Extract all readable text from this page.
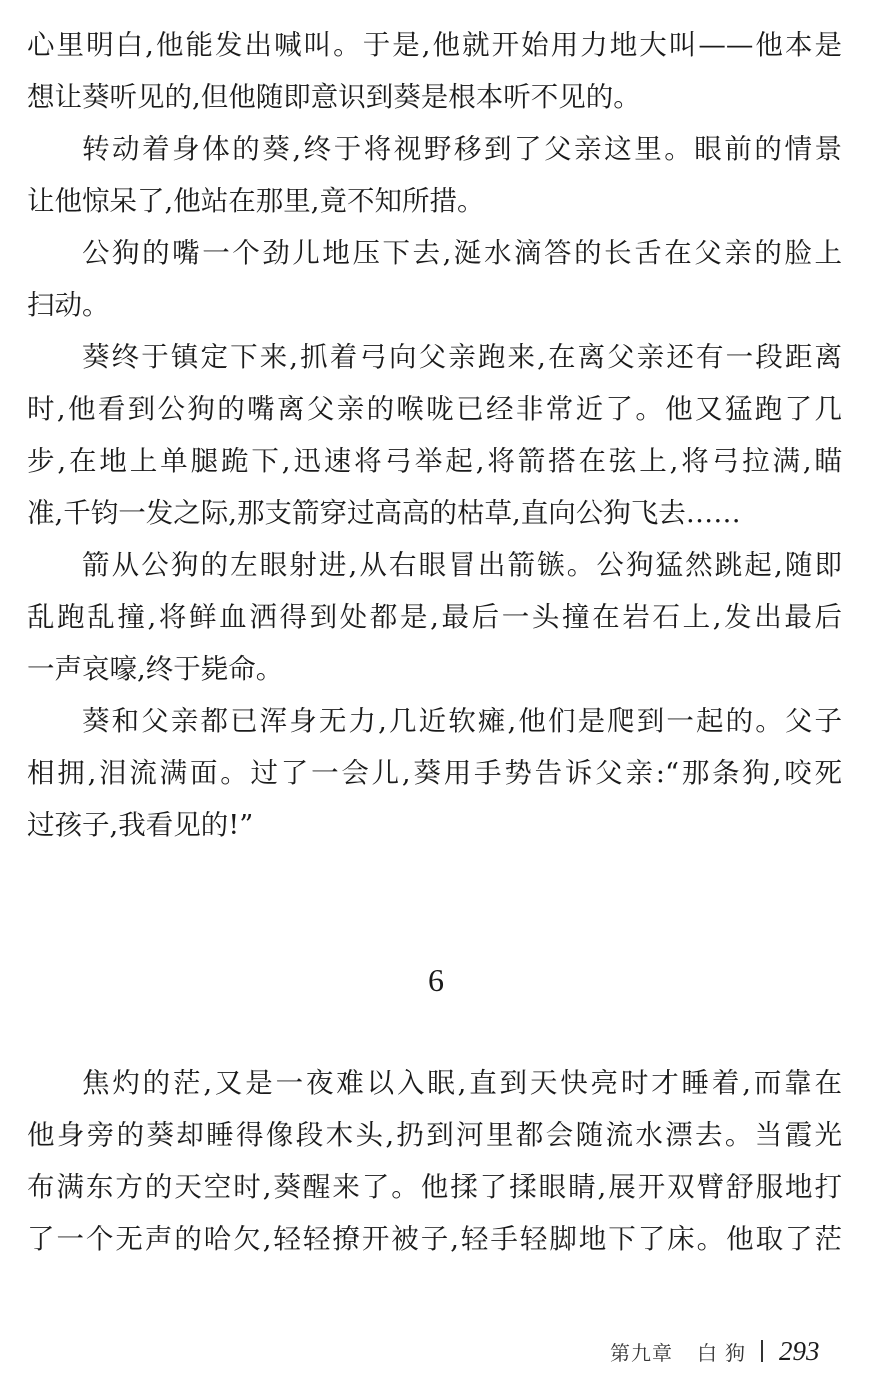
心里明白,他能发出喊叫。于是,他就开始用力地大叫——他本是
想让葵听见的,但他随即意识到葵是根本听不见的。
转动着身体的葵,终于将视野移到了父亲这里。眼前的情景
让他惊呆了,他站在那里,竟不知所措。
公狗的嘴一个劲儿地压下去,涎水滴答的长舌在父亲的脸上
扫动。
葵终于镇定下来,抓着弓向父亲跑来,在离父亲还有一段距离
时,他看到公狗的嘴离父亲的喉咙已经非常近了。他又猛跑了几
步,在地上单腿跪下,迅速将弓举起,将箭搭在弦上,将弓拉满,瞄
准,千钧一发之际,那支箭穿过高高的枯草,直向公狗飞去……
箭从公狗的左眼射进,从右眼冒出箭镞。公狗猛然跳起,随即
乱跑乱撞,将鲜血洒得到处都是,最后一头撞在岩石上,发出最后
一声哀嚎,终于毙命。
葵和父亲都已浑身无力,几近软瘫,他们是爬到一起的。父子
相拥,泪流满面。过了一会儿,葵用手势告诉父亲:“那条狗,咬死
过孩子,我看见的!”
6
焦灼的茫,又是一夜难以入眠,直到天快亮时才睡着,而靠在
他身旁的葵却睡得像段木头,扔到河里都会随流水漂去。当霞光
布满东方的天空时,葵醒来了。他揉了揉眼睛,展开双臂舒服地打
了一个无声的哈欠,轻轻撩开被子,轻手轻脚地下了床。他取了茫
第九章 白狗 293
